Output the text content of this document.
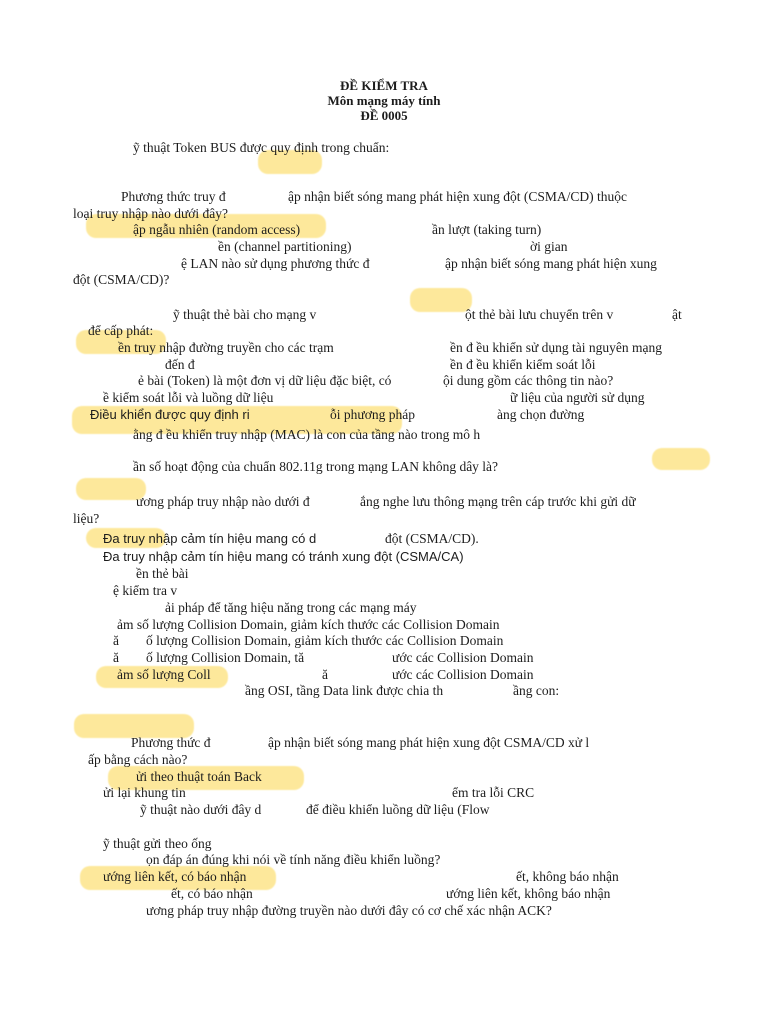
ĐỀ KIỂM TRA
Môn mạng máy tính
ĐỀ 0005
ỹ thuật Token BUS được quy định trong chuẩn:
Phương thức truy đ	ập nhận biết sóng mang phát hiện xung đột (CSMA/CD) thuộc
loại truy nhập nào dưới đây?
ập ngẫu nhiên (random access)	ần lượt (taking turn)
ền (channel partitioning)	ời gian
ệ LAN nào sử dụng phương thức đ	ập nhận biết sóng mang phát hiện xung
đột (CSMA/CD)?
ỹ thuật thẻ bài cho mạng v	ột thẻ bài lưu chuyển trên v	ật
để cấp phát:
ền truy nhập đường truyền cho các trạm	ền đ ều khiển sử dụng tài nguyên mạng
đến đ	ền đ ều khiển kiểm soát lỗi
ẻ bài (Token) là một đơn vị dữ liệu đặc biệt, có	ội dung gồm các thông tin nào?
ề kiểm soát lỗi và luồng dữ liệu	ữ liệu của người sử dụng
Điều khiển được quy định ri	ỗi phương pháp	àng chọn đường
ằng đ ều khiển truy nhập (MAC) là con của tầng nào trong mô h
ần số hoạt động của chuẩn 802.11g trong mạng LAN không dây là?
ương pháp truy nhập nào dưới đ	ắng nghe lưu thông mạng trên cáp trước khi gửi dữ
liệu?
Đa truy nhập cảm tín hiệu mang có d	đột (CSMA/CD).
Đa truy nhập cảm tín hiệu mang có tránh xung đột (CSMA/CA)
ền thẻ bài
ệ kiểm tra v
ải pháp để tăng hiệu năng trong các mạng máy
ảm số lượng Collision Domain, giảm kích thước các Collision Domain
ă ố lượng Collision Domain, giảm kích thước các Collision Domain
ă ố lượng Collision Domain, tă	ước các Collision Domain
ảm số lượng Coll	ă	ước các Collision Domain
ầng OSI, tầng Data link được chia th	ầng con:
Phương thức đ	ập nhận biết sóng mang phát hiện xung đột CSMA/CD xử l
ấp bằng cách nào?
ửi theo thuật toán Back
ửi lại khung tin	ểm tra lỗi CRC
ỹ thuật nào dưới đây d	để điều khiển luồng dữ liệu (Flow
ỹ thuật gửi theo ống
ọn đáp án đúng khi nói về tính năng điều khiển luồng?
ướng liên kết, có báo nhận	ết, không báo nhận
ết, có báo nhận	ướng liên kết, không báo nhận
ương pháp truy nhập đường truyền nào dưới đây có cơ chế xác nhận ACK?
